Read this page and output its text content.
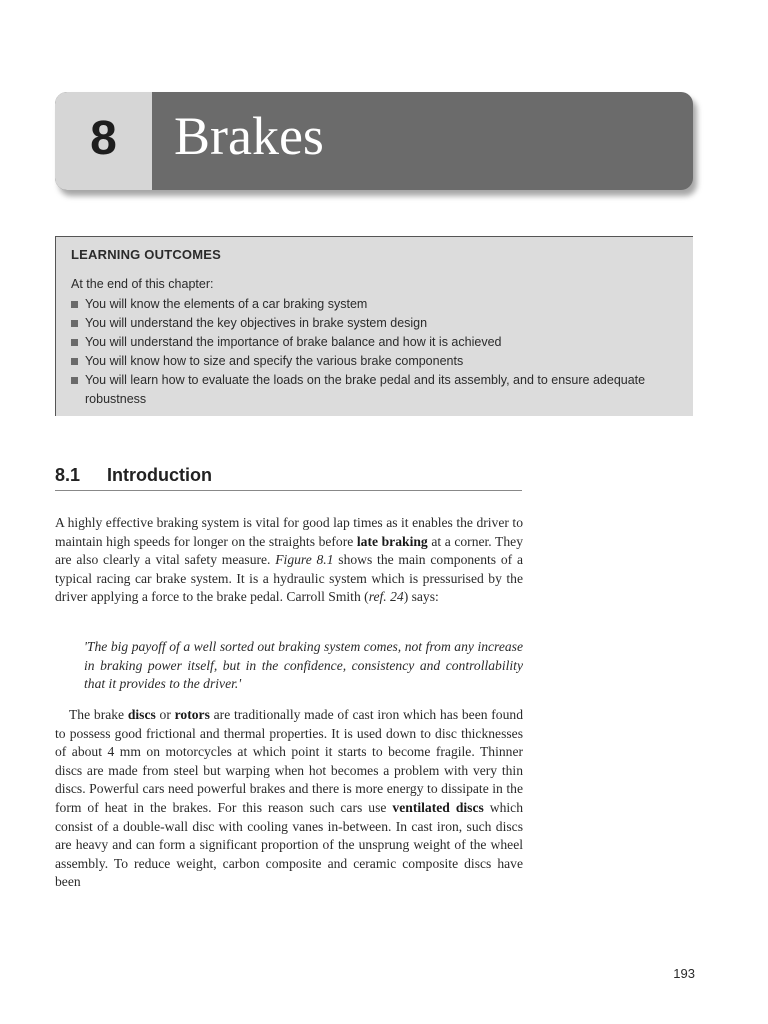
8	Brakes
LEARNING OUTCOMES
At the end of this chapter:
You will know the elements of a car braking system
You will understand the key objectives in brake system design
You will understand the importance of brake balance and how it is achieved
You will know how to size and specify the various brake components
You will learn how to evaluate the loads on the brake pedal and its assembly, and to ensure adequate robustness
8.1 Introduction
A highly effective braking system is vital for good lap times as it enables the driver to maintain high speeds for longer on the straights before late braking at a corner. They are also clearly a vital safety measure. Figure 8.1 shows the main components of a typical racing car brake system. It is a hydraulic system which is pressurised by the driver applying a force to the brake pedal. Carroll Smith (ref. 24) says:
'The big payoff of a well sorted out braking system comes, not from any increase in braking power itself, but in the confidence, consistency and controllability that it provides to the driver.'
The brake discs or rotors are traditionally made of cast iron which has been found to possess good frictional and thermal properties. It is used down to disc thicknesses of about 4 mm on motorcycles at which point it starts to become fragile. Thinner discs are made from steel but warping when hot becomes a problem with very thin discs. Powerful cars need powerful brakes and there is more energy to dissipate in the form of heat in the brakes. For this reason such cars use ventilated discs which consist of a double-wall disc with cooling vanes in-between. In cast iron, such discs are heavy and can form a significant proportion of the unsprung weight of the wheel assembly. To reduce weight, carbon composite and ceramic composite discs have been
193
